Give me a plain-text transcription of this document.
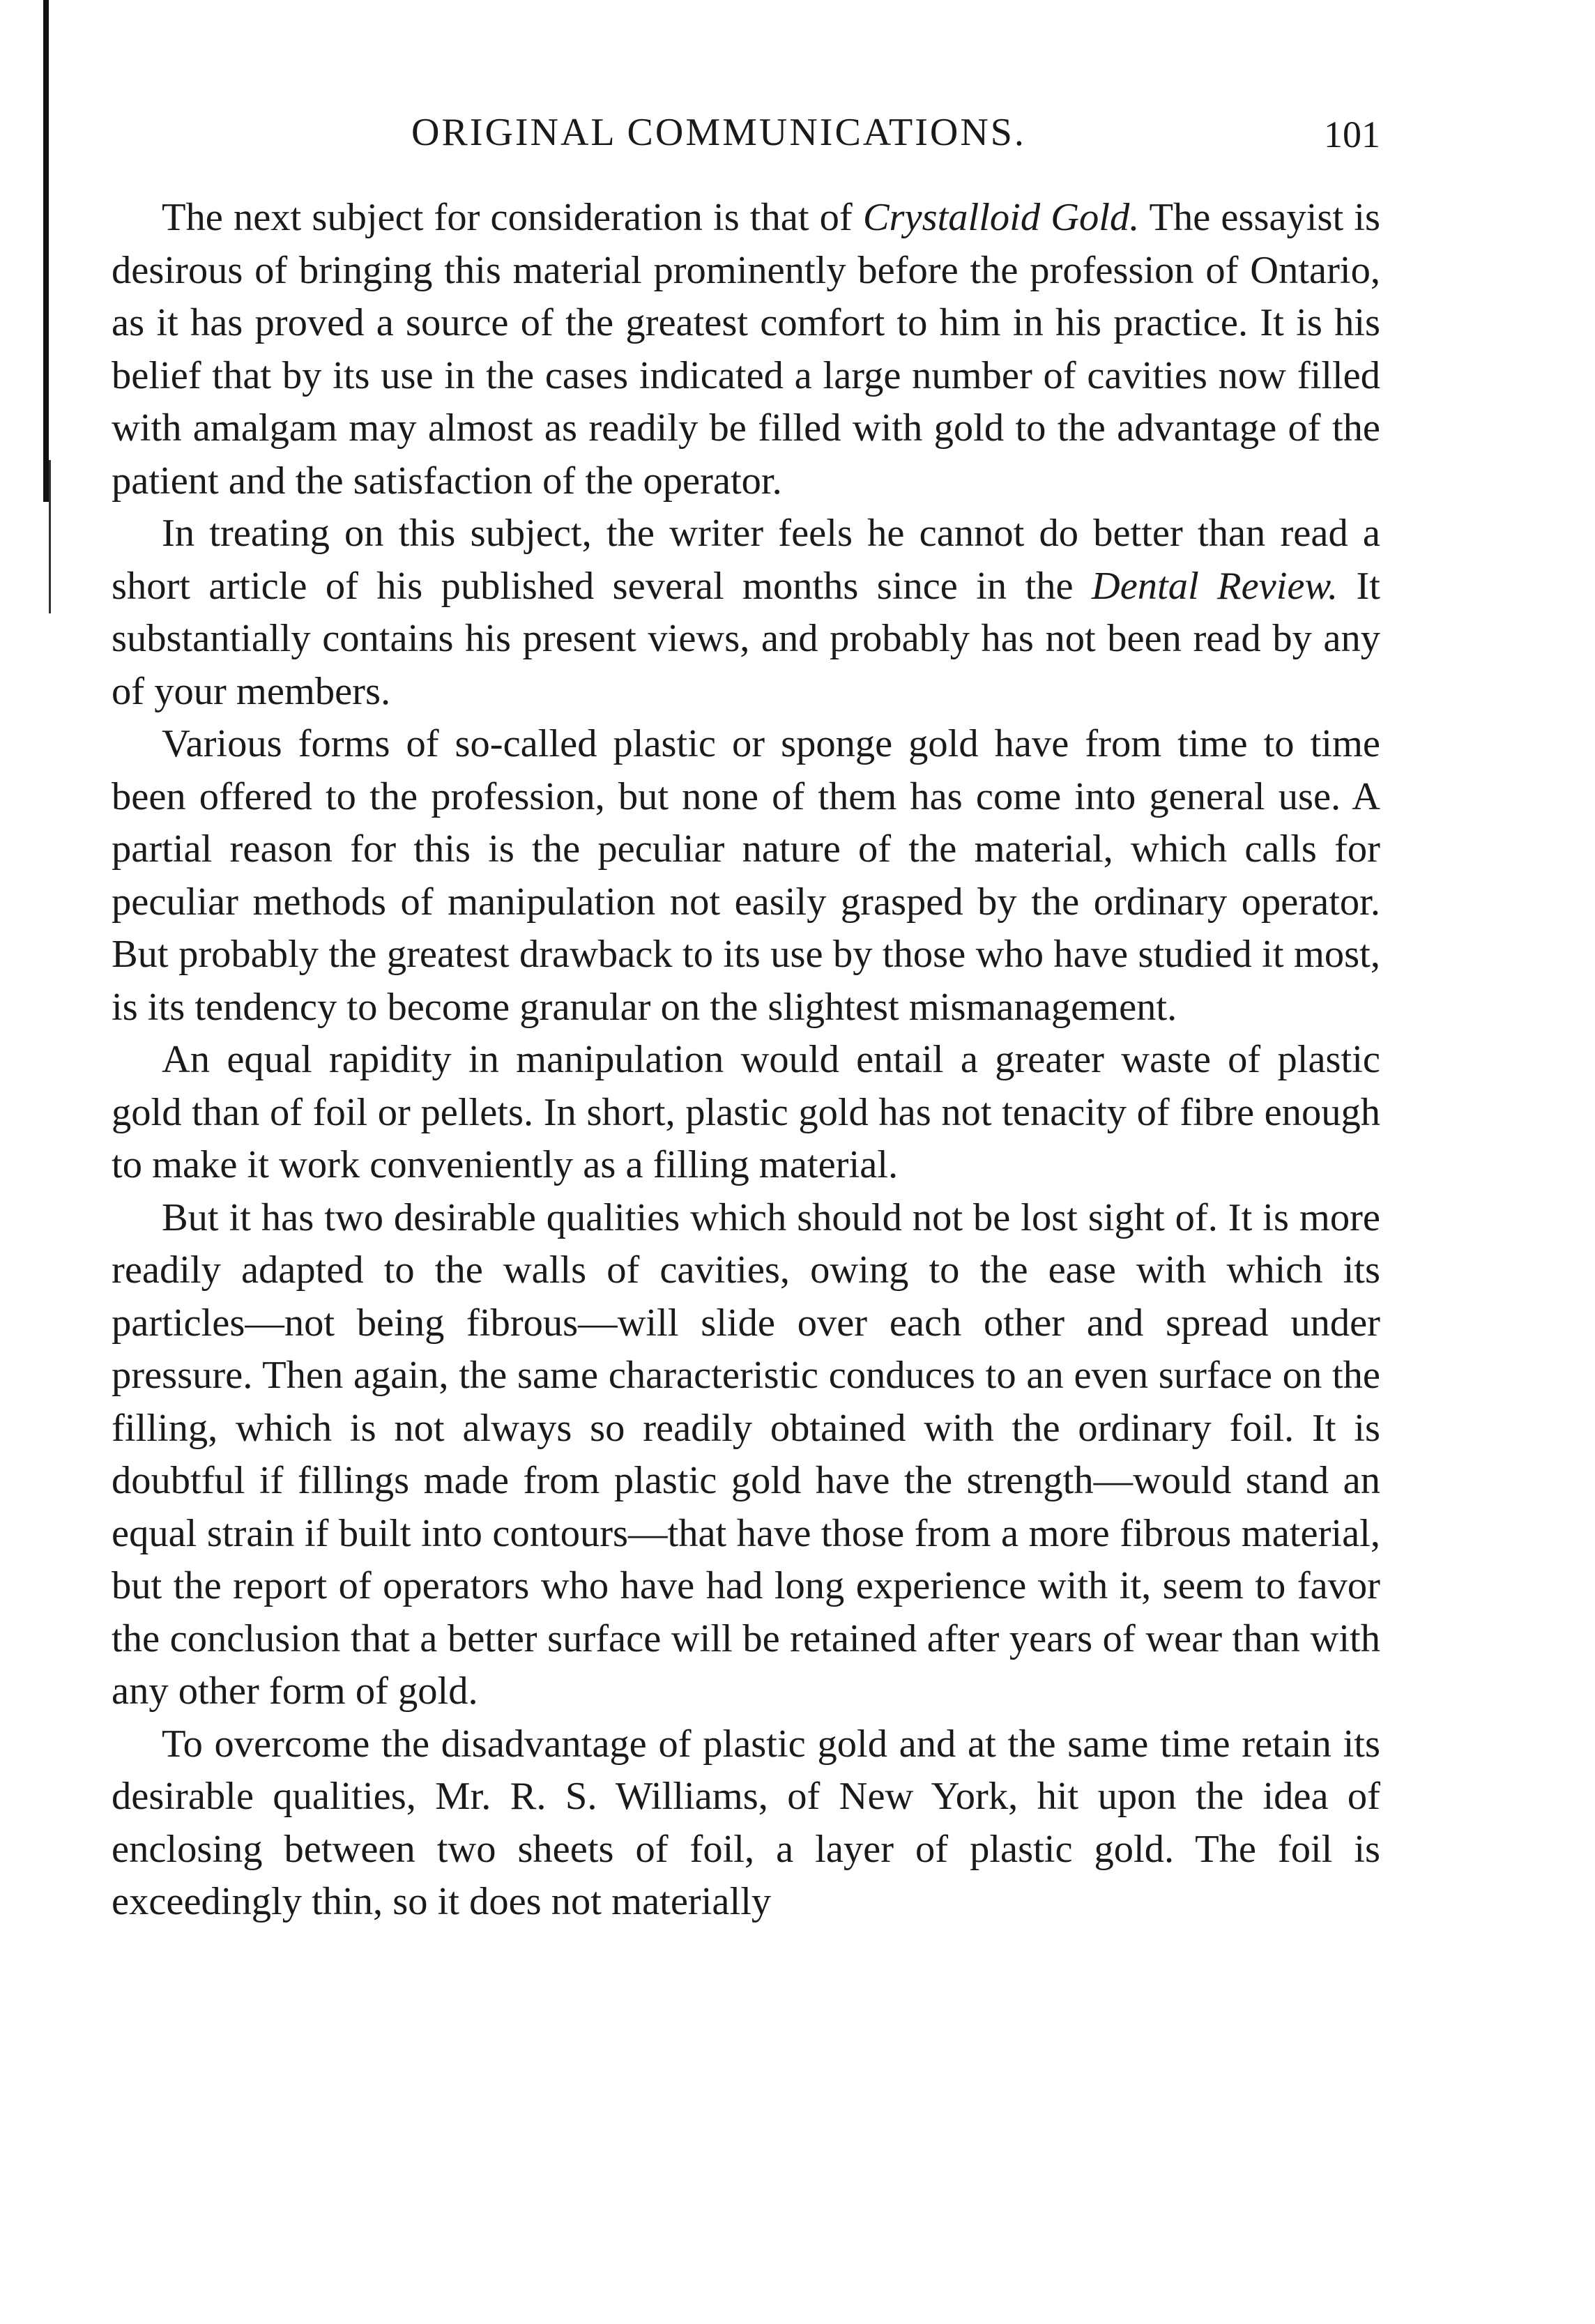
ORIGINAL COMMUNICATIONS.	101

The next subject for consideration is that of Crystalloid Gold. The essayist is desirous of bringing this material prominently before the profession of Ontario, as it has proved a source of the greatest comfort to him in his practice. It is his belief that by its use in the cases indicated a large number of cavities now filled with amalgam may almost as readily be filled with gold to the advantage of the patient and the satisfaction of the operator.

In treating on this subject, the writer feels he cannot do better than read a short article of his published several months since in the Dental Review. It substantially contains his present views, and probably has not been read by any of your members.

Various forms of so-called plastic or sponge gold have from time to time been offered to the profession, but none of them has come into general use. A partial reason for this is the peculiar nature of the material, which calls for peculiar methods of manipulation not easily grasped by the ordinary operator. But probably the greatest drawback to its use by those who have studied it most, is its tendency to become granular on the slightest mismanagement.

An equal rapidity in manipulation would entail a greater waste of plastic gold than of foil or pellets. In short, plastic gold has not tenacity of fibre enough to make it work conveniently as a filling material.

But it has two desirable qualities which should not be lost sight of. It is more readily adapted to the walls of cavities, owing to the ease with which its particles—not being fibrous—will slide over each other and spread under pressure. Then again, the same characteristic conduces to an even surface on the filling, which is not always so readily obtained with the ordinary foil. It is doubtful if fillings made from plastic gold have the strength—would stand an equal strain if built into contours—that have those from a more fibrous material, but the report of operators who have had long experience with it, seem to favor the conclusion that a better surface will be retained after years of wear than with any other form of gold.

To overcome the disadvantage of plastic gold and at the same time retain its desirable qualities, Mr. R. S. Williams, of New York, hit upon the idea of enclosing between two sheets of foil, a layer of plastic gold. The foil is exceedingly thin, so it does not materially
